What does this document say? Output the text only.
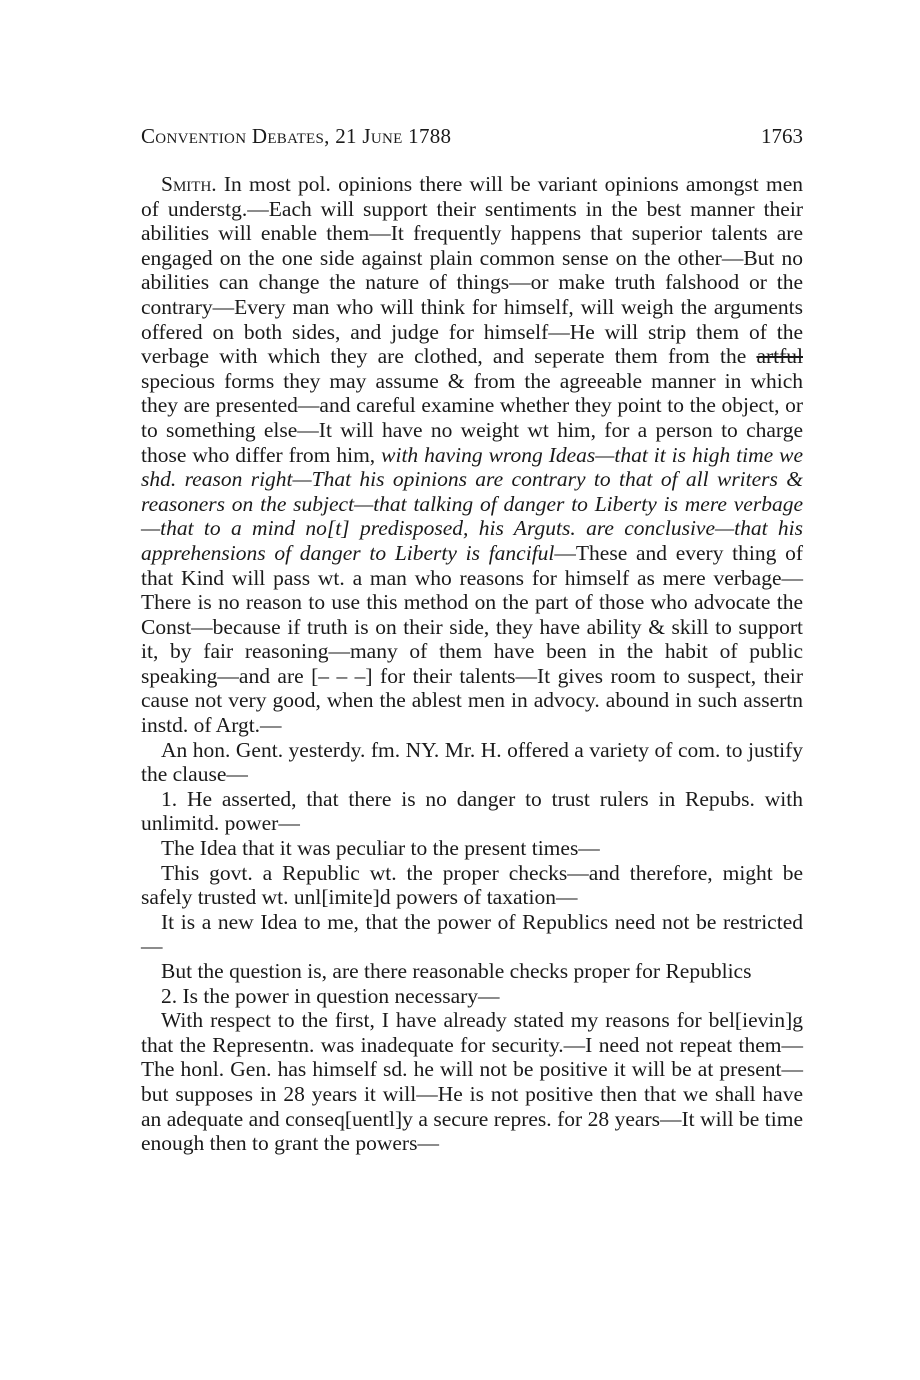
Convention Debates, 21 June 1788	1763

Smith. In most pol. opinions there will be variant opinions amongst men of understg.—Each will support their sentiments in the best manner their abilities will enable them—It frequently happens that superior talents are engaged on the one side against plain common sense on the other—But no abilities can change the nature of things—or make truth falshood or the contrary—Every man who will think for himself, will weigh the arguments offered on both sides, and judge for himself—He will strip them of the verbage with which they are clothed, and seperate them from the artful specious forms they may assume & from the agreeable manner in which they are presented—and careful examine whether they point to the object, or to something else—It will have no weight wt him, for a person to charge those who differ from him, with having wrong Ideas—that it is high time we shd. reason right—That his opinions are contrary to that of all writers & reasoners on the subject—that talking of danger to Liberty is mere verbage—that to a mind no[t] predisposed, his Arguts. are conclusive—that his apprehensions of danger to Liberty is fanciful—These and every thing of that Kind will pass wt. a man who reasons for himself as mere verbage—There is no reason to use this method on the part of those who advocate the Const—because if truth is on their side, they have ability & skill to support it, by fair reasoning—many of them have been in the habit of public speaking—and are [– – –] for their talents—It gives room to suspect, their cause not very good, when the ablest men in advocy. abound in such assertn instd. of Argt.—

An hon. Gent. yesterdy. fm. NY. Mr. H. offered a variety of com. to justify the clause—

1. He asserted, that there is no danger to trust rulers in Repubs. with unlimitd. power—

The Idea that it was peculiar to the present times—

This govt. a Republic wt. the proper checks—and therefore, might be safely trusted wt. unl[imite]d powers of taxation—

It is a new Idea to me, that the power of Republics need not be restricted—

But the question is, are there reasonable checks proper for Republics

2. Is the power in question necessary—

With respect to the first, I have already stated my reasons for bel[ievin]g that the Representn. was inadequate for security.—I need not repeat them—The honl. Gen. has himself sd. he will not be positive it will be at present—but supposes in 28 years it will—He is not positive then that we shall have an adequate and conseq[uentl]y a secure repres. for 28 years—It will be time enough then to grant the powers—
